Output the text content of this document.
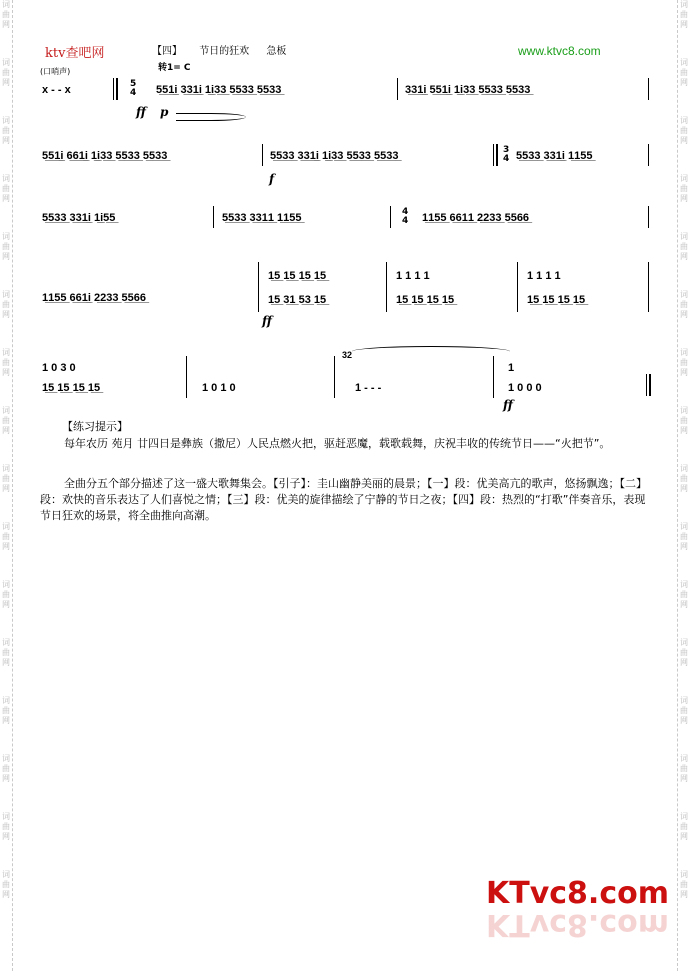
词
曲
网
词
曲
网
词
曲
网
词
曲
网
词
曲
网
词
曲
网
词
曲
网
词
曲
网
词
曲
网
词
曲
网
词
曲
网
词
曲
网
词
曲
网
词
曲
网
词
曲
网
词
曲
网
词
曲
网
词
曲
网
词
曲
网
词
曲
网
词
曲
网
词
曲
网
词
曲
网
词
曲
网
词
曲
网
词
曲
网
词
曲
网
词
曲
网
词
曲
网
词
曲
网
词
曲
网
词
曲
网
ktv查吧网	www.ktvc8.com
【四】 节日的狂欢 急板
转1= C
(口哨声)
x - - x	5
4 5̲5̲1̲i̲ 3̲3̲1̲i̲ 1̲i̲3̲3̲ 5̲5̲3̲3̲ 5̲5̲3̲3̲	3̲3̲1̲i̲ 5̲5̲1̲i̲ 1̲i̲3̲3̲ 5̲5̲3̲3̲ 5̲5̲3̲3̲
ff p
5̲5̲1̲i̲ 6̲6̲1̲i̲ 1̲i̲3̲3̲ 5̲5̲3̲3̲ 5̲5̲3̲3̲	5̲5̲3̲3̲ 3̲3̲1̲i̲ 1̲i̲3̲3̲ 5̲5̲3̲3̲ 5̲5̲3̲3̲	3
4 5̲5̲3̲3̲ 3̲3̲1̲i̲ 1̲1̲5̲5̲
f
5̲5̲3̲3̲ 3̲3̲1̲i̲ 1̲i̲5̲5̲	5̲5̲3̲3̲ 3̲3̲1̲1̲ 1̲1̲5̲5̲	4
4 1̲1̲5̲5̲ 6̲6̲1̲1̲ 2̲2̲3̲3̲ 5̲5̲6̲6̲
1̲1̲5̲5̲ 6̲6̲1̲i̲ 2̲2̲3̲3̲ 5̲5̲6̲6̲
1̲5̲ 1̲5̲ 1̲5̲ 1̲5̲
1̲5̲ 3̲1̲ 5̲3̲ 1̲5̲
1 1 1 1
1̲5̲ 1̲5̲ 1̲5̲ 1̲5̲
1 1 1 1
1̲5̲ 1̲5̲ 1̲5̲ 1̲5̲
ff
1 0 3 0
1̲5̲ 1̲5̲ 1̲5̲ 1̲5̲	1 0 1 0
32
1 - - -
1
1 0 0 0
ff
【练习提示】
每年农历 苑月 廿四日是彝族（撒尼）人民点燃火把，驱赶恶魔，载歌载舞，庆祝丰收的传统节日——“火把节”。
全曲分五个部分描述了这一盛大歌舞集会。【引子】：圭山幽静美丽的晨景；【一】段：优美高亢的歌声，悠扬飘逸；【二】段：欢快的音乐表达了人们喜悦之情；【三】段：优美的旋律描绘了宁静的节日之夜；【四】段：热烈的“打歌”伴奏音乐，表现节日狂欢的场景，将全曲推向高潮。
KTvc8.com
KTvc8.com
